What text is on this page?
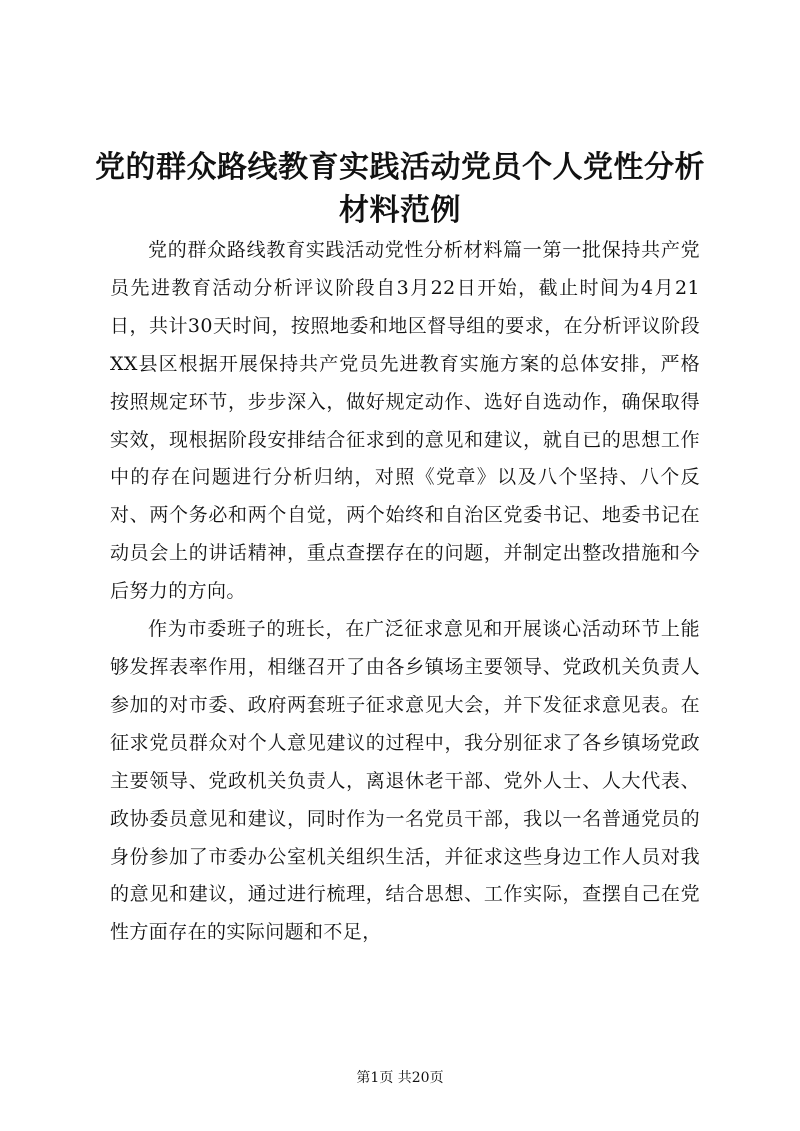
党的群众路线教育实践活动党员个人党性分析材料范例

党的群众路线教育实践活动党性分析材料篇一第一批保持共产党员先进教育活动分析评议阶段自3月22日开始，截止时间为4月21日，共计30天时间，按照地委和地区督导组的要求，在分析评议阶段XX县区根据开展保持共产党员先进教育实施方案的总体安排，严格按照规定环节，步步深入，做好规定动作、选好自选动作，确保取得实效，现根据阶段安排结合征求到的意见和建议，就自已的思想工作中的存在问题进行分析归纳，对照《党章》以及八个坚持、八个反对、两个务必和两个自觉，两个始终和自治区党委书记、地委书记在动员会上的讲话精神，重点查摆存在的问题，并制定出整改措施和今后努力的方向。

作为市委班子的班长，在广泛征求意见和开展谈心活动环节上能够发挥表率作用，相继召开了由各乡镇场主要领导、党政机关负责人参加的对市委、政府两套班子征求意见大会，并下发征求意见表。在征求党员群众对个人意见建议的过程中，我分别征求了各乡镇场党政主要领导、党政机关负责人，离退休老干部、党外人士、人大代表、政协委员意见和建议，同时作为一名党员干部，我以一名普通党员的身份参加了市委办公室机关组织生活，并征求这些身边工作人员对我的意见和建议，通过进行梳理，结合思想、工作实际，查摆自己在党性方面存在的实际问题和不足，

第1页 共20页
